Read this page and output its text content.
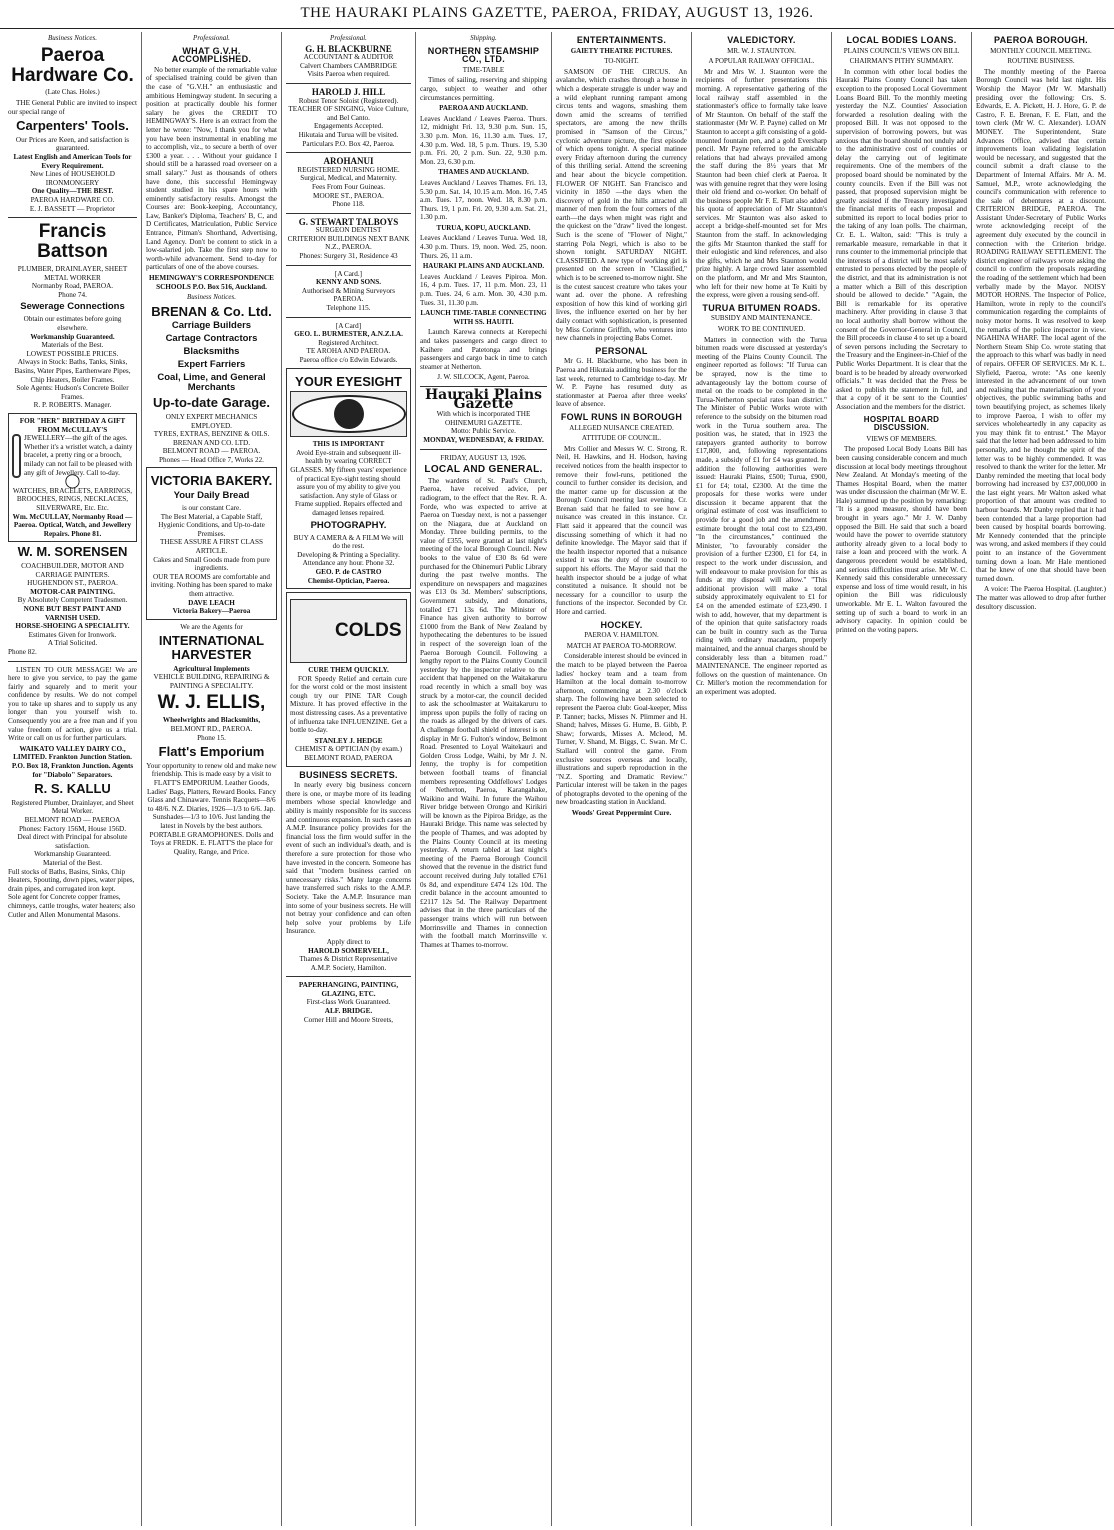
THE HAURAKI PLAINS GAZETTE, PAEROA, FRIDAY, AUGUST 13, 1926.
Business Notices.
Paeroa Hardware Co.
(Late Chas. Holes.)

THE General Public are invited to inspect our special range of

Carpenters' Tools.
Our Prices are Keen, and satisfaction is guaranteed.
Latest English and American Tools for Every Requirement.
New Lines of HOUSEHOLD IRONMONGERY
One Quality—THE BEST.
PAEROA HARDWARE CO.
E. J. BASSETT — Proprietor
Francis Battson
PLUMBER, DRAINLAYER, SHEET METAL WORKER
Normanby Road, PAEROA.
Phone 74.
Sewerage Connections
Obtain our estimates before going elsewhere.
Workmanship Guaranteed.
Materials of the Best.
LOWEST POSSIBLE PRICES.
Always in Stock: Baths, Tanks, Sinks, Basins, Water Pipes, Earthenware Pipes, Chip Heaters, Boiler Frames.
Sole Agents: Hudson's Concrete Boiler Frames.
R. P. ROBERTS. Manager.
FOR "HER" BIRTHDAY A GIFT FROM McCULLAY'S
JEWELLERY—the gift of the ages. Whether it's a wristlet watch, a dainty bracelet, a pretty ring or a brooch, milady can not fail to be pleased with any gift of Jewellery. Call to-day.
◯
WATCHES, BRACELETS, EARRINGS, BROOCHES, RINGS, NECKLACES, SILVERWARE, Etc. Etc.
Wm. McCULLAY, Normanby Road — Paeroa. Optical, Watch, and Jewellery Repairs. Phone 81.
W. M. SORENSEN
COACHBUILDER, MOTOR AND CARRIAGE PAINTERS.
HUGHENDON ST., PAEROA.
MOTOR-CAR PAINTING.
By Absolutely Competent Tradesmen.
NONE BUT BEST PAINT AND VARNISH USED.
HORSE-SHOEING A SPECIALITY.
Estimates Given for Ironwork.
A Trial Solicited.
Phone 82.

LISTEN TO OUR MESSAGE! We are here to give you service, to pay the game fairly and squarely and to merit your confidence by results. We do not compel you to take up shares and to supply us any longer than you yourself wish to. Consequently you are a free man and if you value freedom of action, give us a trial. Write or call on us for further particulars.

WAIKATO VALLEY DAIRY CO., LIMITED. Frankton Junction Station. P.O. Box 18, Frankton Junction. Agents for "Diabolo" Separators.
R. S. KALLU
Registered Plumber, Drainlayer, and Sheet Metal Worker.
BELMONT ROAD — PAEROA
Phones: Factory 156M, House 156D.
Deal direct with Principal for absolute satisfaction.
Workmanship Guaranteed.
Material of the Best.
Full stocks of Baths, Basins, Sinks, Chip Heaters, Spouting, down pipes, water pipes, drain pipes, and corrugated iron kept.
Sole agent for Concrete copper frames, chimneys, cattle troughs, water heaters; also Cutler and Allen Monumental Masons.
Professional.
WHAT G.V.H. ACCOMPLISHED.

No better example of the remarkable value of specialised training could be given than the case of "G.V.H." an enthusiastic and ambitious Hemingway student. In securing a position at practically double his former salary he gives the CREDIT TO HEMINGWAY'S. Here is an extract from the letter he wrote: "Now, I thank you for what you have been instrumental in enabling me to accomplish, viz., to secure a berth of over £300 a year. . . . Without your guidance I should still be a harassed road overseer on a small salary." Just as thousands of others have done, this successful Hemingway student studied in his spare hours with eminently satisfactory results. Amongst the Courses are: Book-keeping, Accountancy, Law, Banker's Diploma, Teachers' B, C, and D Certificates, Matriculation, Public Service Entrance, Pitman's Shorthand, Advertising, Land Agency. Don't be content to stick in a low-salaried job. Take the first step now to worth-while advancement. Send to-day for particulars of one of the above courses.

HEMINGWAY'S CORRESPONDENCE SCHOOLS P.O. Box 516, Auckland.
Business Notices.
BRENAN & Co. Ltd.
Carriage Builders
Cartage Contractors
Blacksmiths
Expert Farriers
Coal, Lime, and General Merchants
Up-to-date Garage.
ONLY EXPERT MECHANICS EMPLOYED.
TYRES, EXTRAS, BENZINE & OILS.
BRENAN AND CO. LTD.
BELMONT ROAD — PAEROA.
Phones — Head Office 7, Works 22.
VICTORIA BAKERY.
Your Daily Bread
is our constant Care.
The Best Material, a Capable Staff, Hygienic Conditions, and Up-to-date Premises.
THESE ASSURE A FIRST CLASS ARTICLE.
Cakes and Small Goods made from pure ingredients.
OUR TEA ROOMS are comfortable and inviting. Nothing has been spared to make them attractive.
DAVE LEACH
Victoria Bakery—Paeroa
We are the Agents for
INTERNATIONAL HARVESTER
Agricultural Implements
VEHICLE BUILDING, REPAIRING & PAINTING A SPECIALITY.
W. J. ELLIS,
Wheelwrights and Blacksmiths,
BELMONT RD., PAEROA.
Phone 15.
Flatt's Emporium

Your opportunity to renew old and make new friendship. This is made easy by a visit to FLATT'S EMPORIUM. Leather Goods, Ladies' Bags, Platters, Reward Books. Fancy Glass and Chinaware. Tennis Racquets—8/6 to 48/6. N.Z. Diaries, 1926—1/3 to 6/6. Jap. Sunshades—1/3 to 10/6. Just landing the latest in Novels by the best authors. PORTABLE GRAMOPHONES. Dolls and Toys at FREDK. E. FLATT'S the place for Quality, Range, and Price.

Professional.
G. H. BLACKBURNE
ACCOUNTANT & AUDITOR
Calvert Chambers CAMBRIDGE
Visits Paeroa when required.
HAROLD J. HILL
Robust Tenor Soloist (Registered).
TEACHER OF SINGING, Voice Culture, and Bel Canto.
Engagements Accepted.
Hikutaia and Turua will be visited.
Particulars P.O. Box 42, Paeroa.
AROHANUI
REGISTERED NURSING HOME.
Surgical, Medical, and Maternity.
Fees From Four Guineas.
MOORE ST., PAEROA.
Phone 118.
G. STEWART TALBOYS
SURGEON DENTIST
CRITERION BUILDINGS NEXT BANK N.Z., PAEROA.
Phones: Surgery 31, Residence 43
[A Card.]
KENNY AND SONS.
Authorised & Mining Surveyors
PAEROA.
Telephone 115.
[A Card]
GEO. L. BURMESTER, A.N.Z.I.A.
Registered Architect.
TE AROHA AND PAEROA.
Paeroa office c/o Edwin Edwards.
YOUR EYESIGHT
THIS IS IMPORTANT

Avoid Eye-strain and subsequent ill-health by wearing CORRECT GLASSES. My fifteen years' experience of practical Eye-sight testing should assure you of my ability to give you satisfaction. Any style of Glass or Frame supplied. Repairs effected and damaged lenses repaired.

PHOTOGRAPHY.
BUY A CAMERA & A FILM We will do the rest.
Developing & Printing a Speciality.
Attendance any hour. Phone 32.
GEO. P. de CASTRO
Chemist-Optician, Paeroa.
COLDS
CURE THEM QUICKLY.

FOR Speedy Relief and certain cure for the worst cold or the most insistent cough try our PINE TAR Cough Mixture. It has proved effective in the most distressing cases. As a preventative of influenza take INFLUENZINE. Get a bottle to-day.

STANLEY J. HEDGE
CHEMIST & OPTICIAN (by exam.)
BELMONT ROAD, PAEROA
BUSINESS SECRETS.

In nearly every big business concern there is one, or maybe more of its leading members whose special knowledge and ability is mainly responsible for its success and continuous expansion. In such cases an A.M.P. Insurance policy provides for the financial loss the firm would suffer in the event of such an individual's death, and is therefore a sure protection for those who have invested in the concern. Someone has said that "modern business carried on unnecessary risks." Many large concerns have transferred such risks to the A.M.P. Society. Take the A.M.P. Insurance man into some of your business secrets. He will not betray your confidence and can often help solve your problems by Life Insurance.

Apply direct to
HAROLD SOMERVELL,
Thames & District Representative
A.M.P. Society, Hamilton.
PAPERHANGING, PAINTING, GLAZING, ETC.
First-class Work Guaranteed.
ALF. BRIDGE.
Corner Hill and Moore Streets,
Shipping.
NORTHERN STEAMSHIP CO., LTD.
TIME-TABLE

Times of sailing, reserving and shipping cargo, subject to weather and other circumstances permitting.

PAEROA AND AUCKLAND.

Leaves Auckland / Leaves Paeroa. Thurs. 12, midnight Fri. 13, 9.30 p.m. Sun. 15, 3.30 p.m. Mon. 16, 11.30 a.m. Tues. 17, 4.30 p.m. Wed. 18, 5 p.m. Thurs. 19, 5.30 p.m. Fri. 20, 2 p.m. Sun. 22, 9.30 p.m. Mon. 23, 6.30 p.m.

THAMES AND AUCKLAND.

Leaves Auckland / Leaves Thames. Fri. 13, 5.30 p.m. Sat. 14, 10.15 a.m. Mon. 16, 7.45 a.m. Tues. 17, noon. Wed. 18, 8.30 p.m. Thurs. 19, 1 p.m. Fri. 20, 9.30 a.m. Sat. 21, 1.30 p.m.

TURUA, KOPU, AUCKLAND.

Leaves Auckland / Leaves Turua. Wed. 18, 4.30 p.m. Thurs. 19, noon. Wed. 25, noon. Thurs. 26, 11 a.m.

HAURAKI PLAINS AND AUCKLAND.

Leaves Auckland / Leaves Pipiroa. Mon. 16, 4 p.m. Tues. 17, 11 p.m. Mon. 23, 11 p.m. Tues. 24, 6 a.m. Mon. 30, 4.30 p.m. Tues. 31, 11.30 p.m.

LAUNCH TIME-TABLE CONNECTING WITH SS. HAUITI.

Launch Karewa connects at Kerepechi and takes passengers and cargo direct to Kaihere and Patetonga and brings passengers and cargo back in time to catch steamer at Netherton.

J. W. SILCOCK, Agent, Paeroa.
Hauraki Plains Gazette
With which is incorporated THE OHINEMURI GAZETTE.
Motto: Public Service.
MONDAY, WEDNESDAY, & FRIDAY.
FRIDAY, AUGUST 13, 1926.
LOCAL AND GENERAL.

The wardens of St. Paul's Church, Paeroa, have received advice, per radiogram, to the effect that the Rev. R. A. Forde, who was expected to arrive at Paeroa on Tuesday next, is not a passenger on the Niagara, due at Auckland on Monday. Three building permits, to the value of £355, were granted at last night's meeting of the local Borough Council. New books to the value of £30 8s 6d were purchased for the Ohinemuri Public Library during the past twelve months. The expenditure on newspapers and magazines was £13 0s 3d. Members' subscriptions, Government subsidy, and donations, totalled £71 13s 6d. The Minister of Finance has given authority to borrow £1000 from the Bank of New Zealand by hypothecating the debentures to be issued in respect of the sovereign loan of the Paeroa Borough Council. Following a lengthy report to the Plains County Council yesterday by the inspector relative to the accident that happened on the Waitakaruru road recently in which a small boy was struck by a motor-car, the council decided to ask the schoolmaster at Waitakaruru to impress upon pupils the folly of racing on the roads as alleged by the drivers of cars. A challenge football shield of interest is on display in Mr G. Fulton's window, Belmont Road. Presented to Loyal Waitekauri and Golden Cross Lodge, Waihi, by Mr J. N. Jenny, the trophy is for competition between football teams of financial members representing Oddfellows' Lodges of Netherton, Paeroa, Karangahake, Waikino and Waihi. In future the Waihou River bridge between Orongo and Kirikiri will be known as the Pipiroa Bridge, as the Hauraki Bridge. This name was selected by the people of Thames, and was adopted by the Plains County Council at its meeting yesterday. A return tabled at last night's meeting of the Paeroa Borough Council showed that the revenue in the district fund account received during July totalled £761 0s 8d, and expenditure £474 12s 10d. The credit balance in the account amounted to £2117 12s 5d. The Railway Department advises that in the three particulars of the passenger trains which will run between Morrinsville and Thames in connection with the football match Morrinsville v. Thames at Thames to-morrow.

ENTERTAINMENTS.
GAIETY THEATRE PICTURES.
TO-NIGHT.

SAMSON OF THE CIRCUS. An avalanche, which crashes through a house in which a desperate struggle is under way and a wild elephant running rampant among circus tents and wagons, smashing them down amid the screams of terrified spectators, are among the new thrills promised in "Samson of the Circus," cyclonic adventure picture, the first episode of which opens tonight. A special matinee every Friday afternoon during the currency of this thrilling serial. Attend the screening and hear about the bicycle competition. FLOWER OF NIGHT. San Francisco and vicinity in 1850 —the days when the discovery of gold in the hills attracted all manner of men from the four corners of the earth—the days when might was right and the quickest on the "draw" lived the longest. Such is the scene of "Flower of Night," starring Pola Negri, which is also to be shown tonight. SATURDAY NIGHT. CLASSIFIED. A new type of working girl is presented on the screen in "Classified," which is to be screened to-morrow night. She is the cutest saucest creature who takes your want ad. over the phone. A refreshing exposition of how this kind of working girl lives, the influence exerted on her by her daily contact with sophistication, is presented by Miss Corinne Griffith, who ventures into new channels in projecting Babs Comet.

PERSONAL

Mr G. H. Blackburne, who has been in Paeroa and Hikutaia auditing business for the last week, returned to Cambridge to-day. Mr W. P. Payne has resumed duty as stationmaster at Paeroa after three weeks' leave of absence.

FOWL RUNS IN BOROUGH
ALLEGED NUISANCE CREATED.
ATTITUDE OF COUNCIL.

Mrs Collier and Messrs W. C. Strong, R. Neil, H. Hawkins, and H. Hodson, having received notices from the health inspector to remove their fowl-runs, petitioned the council to further consider its decision, and the matter came up for discussion at the Borough Council meeting last evening. Cr. Brenan said that he failed to see how a nuisance was created in this instance. Cr. Flatt said it appeared that the council was discussing something of which it had no definite knowledge. The Mayor said that if the health inspector reported that a nuisance existed it was the duty of the council to support his efforts. The Mayor said that the health inspector should be a judge of what constituted a nuisance. It should not be necessary for a councillor to usurp the functions of the inspector. Seconded by Cr. Hore and carried.

HOCKEY.
PAEROA V. HAMILTON.
MATCH AT PAEROA TO-MORROW.

Considerable interest should be evinced in the match to be played between the Paeroa ladies' hockey team and a team from Hamilton at the local domain to-morrow afternoon, commencing at 2.30 o'clock sharp. The following have been selected to represent the Paeroa club: Goal-keeper, Miss P. Tanner; backs, Misses N. Plimmer and H. Shand; halves, Misses G. Hume, B. Gibb, P. Shaw; forwards, Misses A. Mcleod, M. Turner, V. Shand, M. Biggs, C. Swan. Mr C. Stallard will control the game. From exclusive sources overseas and locally, illustrations and superb reproduction in the "N.Z. Sporting and Dramatic Review." Particular interest will be taken in the pages of photographs devoted to the opening of the new broadcasting station in Auckland.

Woods' Great Peppermint Cure.
VALEDICTORY.
MR. W. J. STAUNTON.
A POPULAR RAILWAY OFFICIAL.

Mr and Mrs W. J. Staunton were the recipients of further presentations this morning. A representative gathering of the local railway staff assembled in the stationmaster's office to formally take leave of Mr Staunton. On behalf of the staff the stationmaster (Mr W. P. Payne) called on Mr Staunton to accept a gift consisting of a gold-mounted fountain pen, and a gold Eversharp pencil. Mr Payne referred to the amicable relations that had always prevailed among the staff during the 8½ years that Mr Staunton had been chief clerk at Paeroa. It was with genuine regret that they were losing their old friend and co-worker. On behalf of the business people Mr F. E. Flatt also added his quota of appreciation of Mr Staunton's services. Mr Staunton was also asked to accept a bridge-shelf-mounted set for Mrs Staunton from the staff. In acknowledging the gifts Mr Staunton thanked the staff for their eulogistic and kind references, and also the gifts, which he and Mrs Staunton would prize highly. A large crowd later assembled on the platform, and Mr and Mrs Staunton, who left for their new home at Te Kuiti by the express, were given a rousing send-off.

TURUA BITUMEN ROADS.
SUBSIDY AND MAINTENANCE.
WORK TO BE CONTINUED.

Matters in connection with the Turua bitumen roads were discussed at yesterday's meeting of the Plains County Council. The engineer reported as follows: "If Turua can be sprayed, now is the time to advantageously lay the bottom course of metal on the roads to be completed in the Turua-Netherton special rates loan district." The Minister of Public Works wrote with reference to the subsidy on the bitumen road work in the Turua southern area. The position was, he stated, that in 1923 the ratepayers granted authority to borrow £17,800, and, following representations made, a subsidy of £1 for £4 was granted. In addition the following authorities were issued: Hauraki Plains, £500; Turua, £900, £1 for £4; total, £2300. At the time the proposals for these works were under discussion it became apparent that the original estimate of cost was insufficient to provide for a good job and the amendment estimate brought the total cost to £23,490. "In the circumstances," continued the Minister, "to favourably consider the provision of a further £2300, £1 for £4, in respect to the work under discussion, and will endeavour to make provision for this as funds at my disposal will allow." "This additional provision will make a total subsidy approximately equivalent to £1 for £4 on the amended estimate of £23,490. I wish to add, however, that my department is of the opinion that quite satisfactory roads can be built in country such as the Turua riding with ordinary macadam, properly maintained, and the annual charges should be considerably less than a bitumen road." MAINTENANCE. The engineer reported as follows on the question of maintenance. On Cr. Miller's motion the recommendation for an experiment was adopted.

LOCAL BODIES LOANS.
PLAINS COUNCIL'S VIEWS ON BILL
CHAIRMAN'S PITHY SUMMARY.

In common with other local bodies the Hauraki Plains County Council has taken exception to the proposed Local Government Loans Board Bill. To the monthly meeting yesterday the N.Z. Counties' Association forwarded a resolution dealing with the proposed Bill. It was not opposed to the supervision of borrowing powers, but was anxious that the board should not unduly add to the administrative cost of counties or delay the carrying out of legitimate requirements. One of the members of the proposed board should be nominated by the county councils. Even if the Bill was not passed, that proposed supervision might be greatly assisted if the Treasury investigated the financial merits of each proposal and submitted its report to local bodies prior to the taking of any loan polls. The chairman, Cr. E. L. Walton, said: "This is truly a remarkable measure, remarkable in that it runs counter to the immemorial principle that the interests of a district will be most safely entrusted to persons elected by the people of the district, and that its administration is not a matter which a Bill of this description should be allowed to decide." "Again, the Bill is remarkable for its operative machinery. After providing in clause 3 that no local authority shall borrow without the consent of the Governor-General in Council, the Bill proceeds in clause 4 to set up a board of seven persons including the Secretary to the Treasury and the Engineer-in-Chief of the Public Works Department. It is clear that the board is to be headed by already overworked officials." It was decided that the Press be asked to publish the statement in full, and that a copy of it be sent to the Counties' Association and the members for the district.

HOSPITAL BOARD DISCUSSION.
VIEWS OF MEMBERS.

The proposed Local Body Loans Bill has been causing considerable concern and much discussion at local body meetings throughout New Zealand. At Monday's meeting of the Thames Hospital Board, when the matter was under discussion the chairman (Mr W. E. Hale) summed up the position by remarking: "It is a good measure, should have been brought in years ago." Mr J. W. Danby opposed the Bill. He said that such a board would have the power to override statutory authority already given to a local body to raise a loan and proceed with the work. A dangerous precedent would be established, and serious difficulties must arise. Mr W. C. Kennedy said this considerable unnecessary expense and loss of time would result, in his opinion the Bill was ridiculously unworkable. Mr E. L. Walton favoured the setting up of such a board to work in an advisory capacity. In opinion could be printed on the voting papers.

PAEROA BOROUGH.
MONTHLY COUNCIL MEETING.
ROUTINE BUSINESS.

The monthly meeting of the Paeroa Borough Council was held last night. His Worship the Mayor (Mr W. Marshall) presiding over the following: Crs. S. Edwards, E. A. Pickett, H. J. Hore, G. P. de Castro, F. E. Brenan, F. E. Flatt, and the town clerk (Mr W. C. Alexander). LOAN MONEY. The Superintendent, State Advances Office, advised that certain improvements loan validating legislation would be necessary, and suggested that the council submit a draft clause to the Department of Internal Affairs. Mr A. M. Samuel, M.P., wrote acknowledging the council's communication with reference to the sale of debentures at a discount. CRITERION BRIDGE, PAEROA. The Assistant Under-Secretary of Public Works wrote acknowledging receipt of the agreement duly executed by the council in connection with the Criterion bridge. ROADING RAILWAY SETTLEMENT. The district engineer of railways wrote asking the council to confirm the proposals regarding the roading of the settlement which had been verbally made by the Mayor. NOISY MOTOR HORNS. The Inspector of Police, Hamilton, wrote in reply to the council's communication regarding the complaints of noisy motor horns. It was resolved to keep the remarks of the police inspector in view. NGAHINA WHARF. The local agent of the Northern Steam Ship Co. wrote stating that the approach to this wharf was badly in need of repairs. OFFER OF SERVICES. Mr K. L. Slyfield, Paeroa, wrote: "As one keenly interested in the advancement of our town and realising that the materialisation of your objectives, the public swimming baths and town beautifying project, as schemes likely to improve Paeroa, I wish to offer my services wholeheartedly in any capacity as you may think fit to entrust." The Mayor said that the letter had been addressed to him personally, and he thought the spirit of the letter was to be highly commended. It was resolved to thank the writer for the letter. Mr Danby reminded the meeting that local body borrowing had increased by £37,000,000 in the last eight years. Mr Walton asked what proportion of that amount was credited to harbour boards. Mr Danby replied that it had been contended that a large proportion had been caused by hospital boards borrowing. Mr Kennedy contended that the principle was wrong, and asked members if they could point to an instance of the Government turning down a loan. Mr Hale mentioned that he knew of one that should have been turned down.

A voice: The Paeroa Hospital. (Laughter.) The matter was allowed to drop after further desultory discussion.
